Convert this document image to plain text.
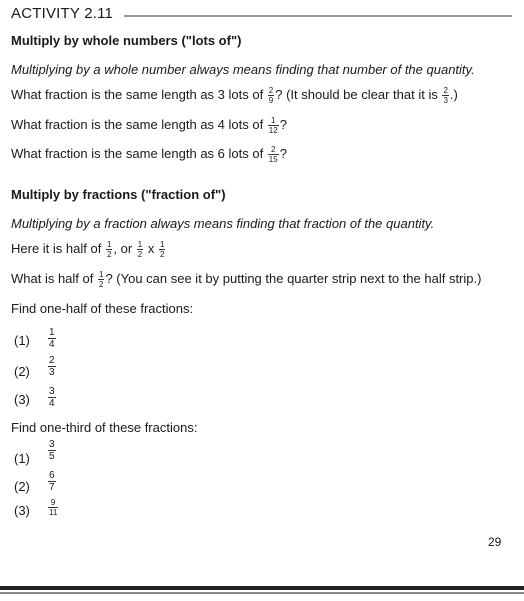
ACTIVITY 2.11
Multiply by whole numbers ("lots of")
Multiplying by a whole number always means finding that number of the quantity.
What fraction is the same length as 3 lots of $\frac{2}{9}$ ? (It should be clear that it is $\frac{2}{3}$ .)
What fraction is the same length as 4 lots of $\frac{1}{12}$ ?
What fraction is the same length as 6 lots of $\frac{2}{15}$ ?
Multiply by fractions ("fraction of")
Multiplying by a fraction always means finding that fraction of the quantity.
Here it is half of $\frac{1}{2}$ , or $\frac{1}{2}$ x $\frac{1}{2}$
What is half of $\frac{1}{2}$ ? (You can see it by putting the quarter strip next to the half strip.)
Find one-half of these fractions:
$(1) \frac{1}{4}$
$(2) \frac{2}{3}$
$(3) \frac{3}{4}$
Find one-third of these fractions:
$(1) \frac{3}{5}$
$(2) \frac{6}{7}$
$(3) \frac{9}{11}$
29
